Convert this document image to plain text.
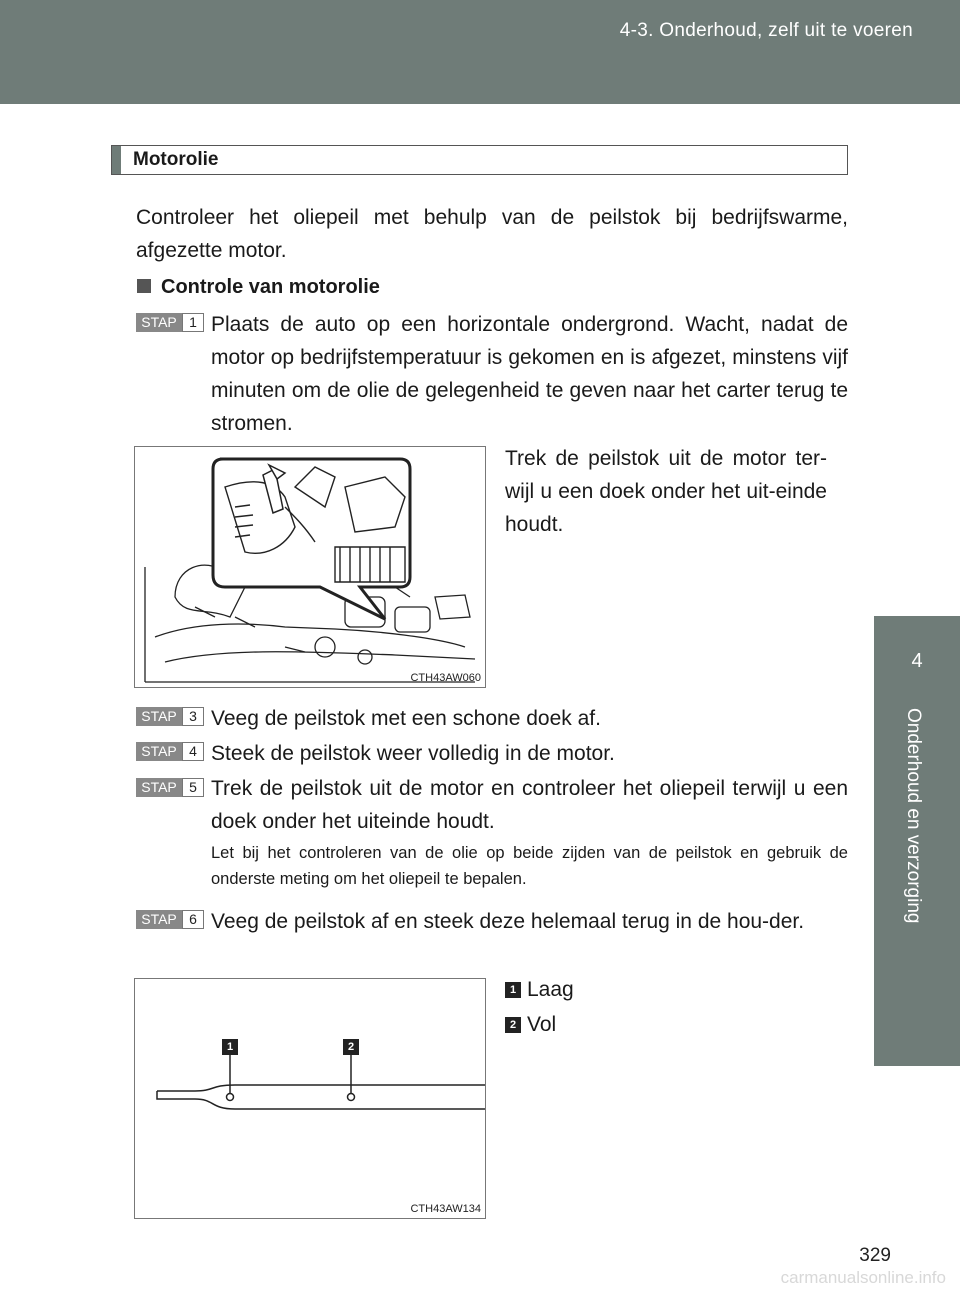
4-3. Onderhoud, zelf uit te voeren
4
Onderhoud en verzorging
Motorolie
Controleer het oliepeil met behulp van de peilstok bij bedrijfswarme, afgezette motor.
Controle van motorolie
STAP 1 Plaats de auto op een horizontale ondergrond. Wacht, nadat de motor op bedrijfstemperatuur is gekomen en is afgezet, minstens vijf minuten om de olie de gelegenheid te geven naar het carter terug te stromen.
CTH43AW060
Trek de peilstok uit de motor ter-wijl u een doek onder het uit-einde houdt.
STAP 3 Veeg de peilstok met een schone doek af.
STAP 4 Steek de peilstok weer volledig in de motor.
STAP 5 Trek de peilstok uit de motor en controleer het oliepeil terwijl u een doek onder het uiteinde houdt.
Let bij het controleren van de olie op beide zijden van de peilstok en gebruik de onderste meting om het oliepeil te bepalen.
STAP 6 Veeg de peilstok af en steek deze helemaal terug in de hou-der.
1	2
CTH43AW134
1 Laag
2 Vol
329
carmanualsonline.info
